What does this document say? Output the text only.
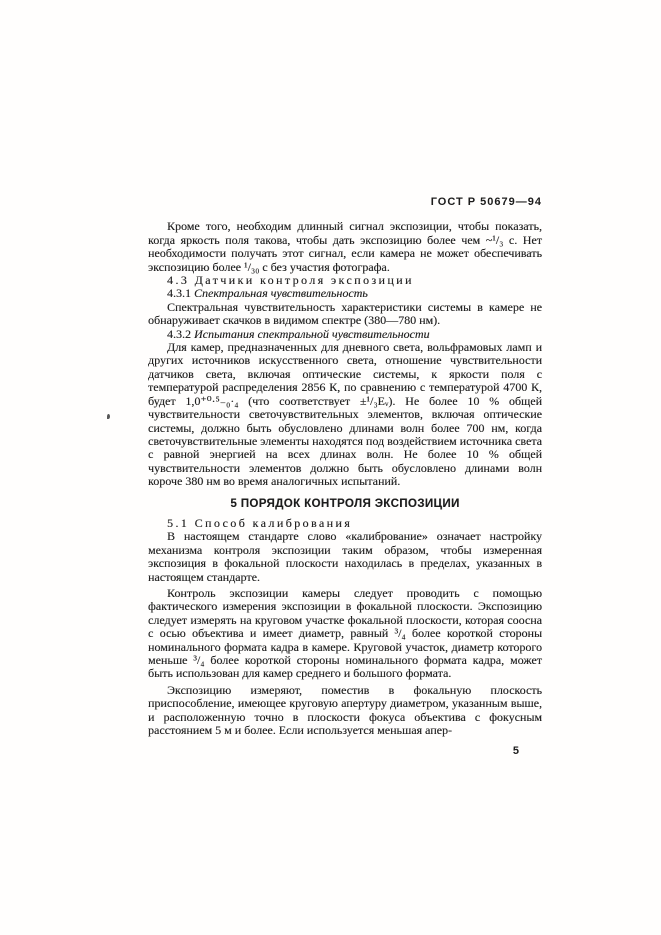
ГОСТ Р 50679—94

Кроме того, необходим длинный сигнал экспозиции, чтобы показать, когда яркость поля такова, чтобы дать экспозицию более чем ~¹/₃ с. Нет необходимости получать этот сигнал, если камера не может обеспечивать экспозицию более ¹/₃₀ с без участия фотографа.

4.3 Датчики контроля экспозиции

4.3.1 Спектральная чувствительность

Спектральная чувствительность характеристики системы в камере не обнаруживает скачков в видимом спектре (380—780 нм).

4.3.2 Испытания спектральной чувствительности

Для камер, предназначенных для дневного света, вольфрамовых ламп и других источников искусственного света, отношение чувствительности датчиков света, включая оптические системы, к яркости поля с температурой распределения 2856 К, по сравнению с температурой 4700 К, будет 1,0⁺⁰·⁵₋₀·₄ (что соответствует ±¹/₃Eᵥ). Не более 10 % общей чувствительности светочувствительных элементов, включая оптические системы, должно быть обусловлено длинами волн более 700 нм, когда светочувствительные элементы находятся под воздействием источника света с равной энергией на всех длинах волн. Не более 10 % общей чувствительности элементов должно быть обусловлено длинами волн короче 380 нм во время аналогичных испытаний.

5 ПОРЯДОК КОНТРОЛЯ ЭКСПОЗИЦИИ

5.1 Способ калибрования

В настоящем стандарте слово «калибрование» означает настройку механизма контроля экспозиции таким образом, чтобы измеренная экспозиция в фокальной плоскости находилась в пределах, указанных в настоящем стандарте.

Контроль экспозиции камеры следует проводить с помощью фактического измерения экспозиции в фокальной плоскости. Экспозицию следует измерять на круговом участке фокальной плоскости, которая соосна с осью объектива и имеет диаметр, равный ³/₄ более короткой стороны номинального формата кадра в камере. Круговой участок, диаметр которого меньше ³/₄ более короткой стороны номинального формата кадра, может быть использован для камер среднего и большого формата.

Экспозицию измеряют, поместив в фокальную плоскость приспособление, имеющее круговую апертуру диаметром, указанным выше, и расположенную точно в плоскости фокуса объектива с фокусным расстоянием 5 м и более. Если используется меньшая апер-

5
